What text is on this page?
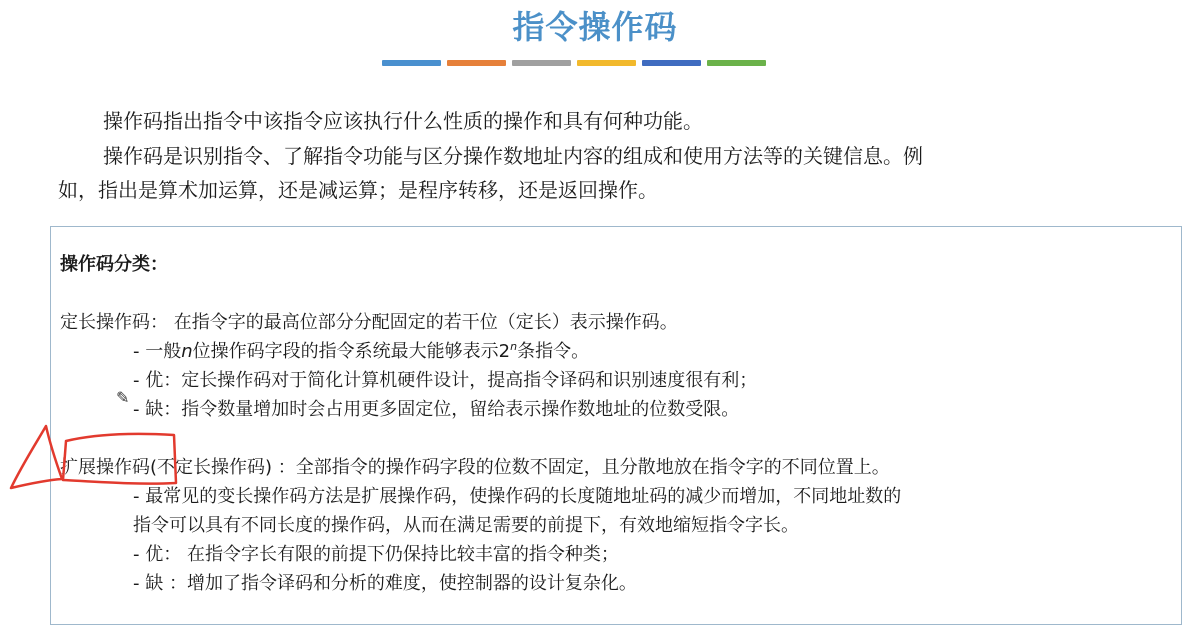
指令操作码

操作码指出指令中该指令应该执行什么性质的操作和具有何种功能。

操作码是识别指令、了解指令功能与区分操作数地址内容的组成和使用方法等的关键信息。例

如，指出是算术加运算，还是减运算；是程序转移，还是返回操作。

操作码分类：

定长操作码： 在指令字的最高位部分分配固定的若干位（定长）表示操作码。

- 一般n位操作码字段的指令系统最大能够表示2$^n$条指令。

- 优：定长操作码对于简化计算机硬件设计，提高指令译码和识别速度很有利；

✎

- 缺：指令数量增加时会占用更多固定位，留给表示操作数地址的位数受限。

扩展操作码(不定长操作码) ：全部指令的操作码字段的位数不固定，且分散地放在指令字的不同位置上。

- 最常见的变长操作码方法是扩展操作码，使操作码的长度随地址码的减少而增加，不同地址数的

指令可以具有不同长度的操作码，从而在满足需要的前提下，有效地缩短指令字长。

- 优： 在指令字长有限的前提下仍保持比较丰富的指令种类；

- 缺 ：增加了指令译码和分析的难度，使控制器的设计复杂化。
